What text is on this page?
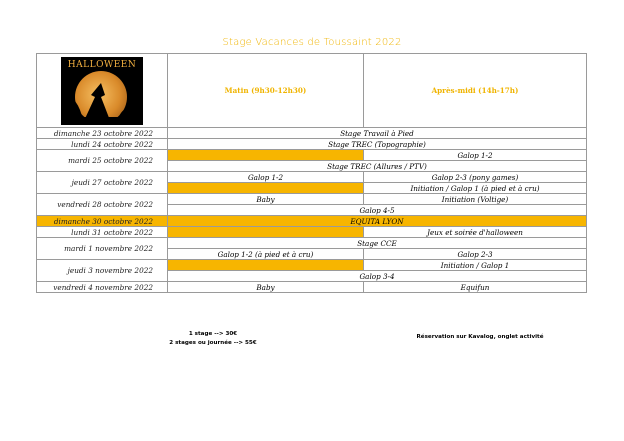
Stage Vacances de Toussaint 2022
HALLOWEEN	Matin (9h30-12h30)	Après-midi (14h-17h)
dimanche 23 octobre 2022	Stage Travail à Pied	
lundi 24 octobre 2022	Stage TREC (Topographie)	
mardi 25 octobre 2022		Galop 1-2
	Stage TREC (Allures / PTV)	
jeudi 27 octobre 2022	Galop 1-2	Galop 2-3 (pony games)
		Initiation / Galop 1 (à pied et à cru)
vendredi 28 octobre 2022	Baby	Initiation (Voltige)
	Galop 4-5	
dimanche 30 octobre 2022	EQUITA LYON	
lundi 31 octobre 2022		Jeux et soirée d'halloween
mardi 1 novembre 2022	Stage CCE	
	Galop 1-2 (à pied et à cru)	Galop 2-3
jeudi 3 novembre 2022		Initiation / Galop 1
	Galop 3-4	
vendredi 4 novembre 2022	Baby	Equifun
1 stage --> 30€
2 stages ou journée --> 55€
Réservation sur Kavalog, onglet activité
